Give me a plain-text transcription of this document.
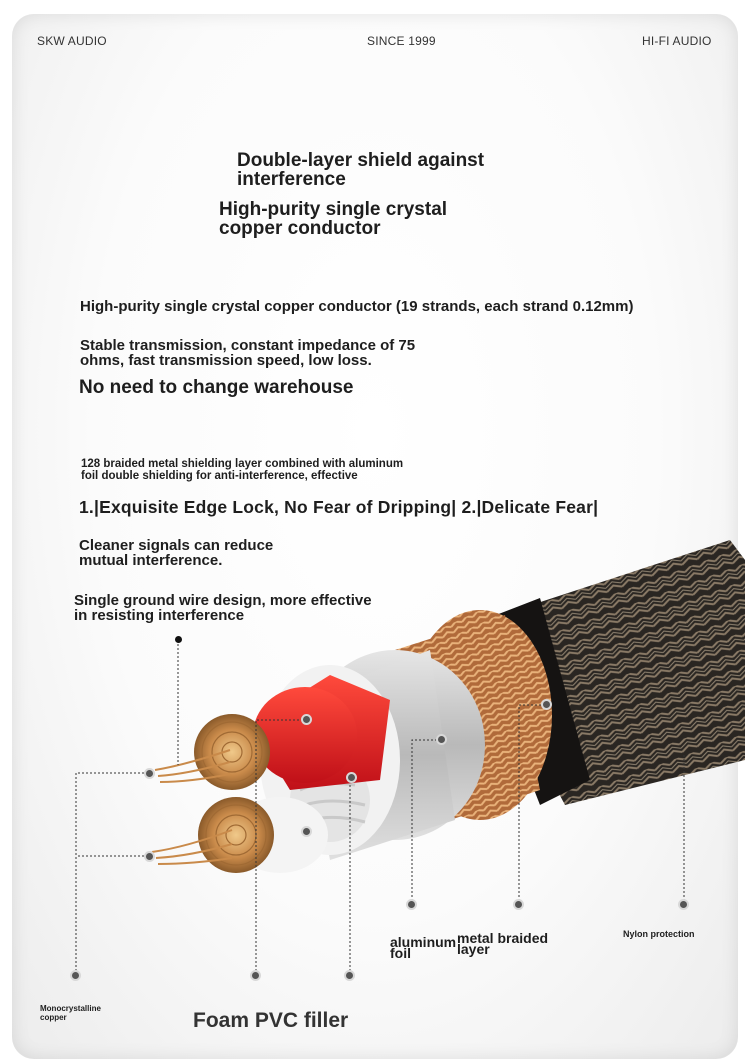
SKW AUDIO	SINCE 1999	HI-FI AUDIO
Double-layer shield against
interference
High-purity single crystal
copper conductor
High-purity single crystal copper conductor (19 strands, each strand 0.12mm)
Stable transmission, constant impedance of 75
ohms, fast transmission speed, low loss.
No need to change warehouse
128 braided metal shielding layer combined with aluminum
foil double shielding for anti-interference, effective
1.|Exquisite Edge Lock, No Fear of Dripping| 2.|Delicate Fear|
Cleaner signals can reduce
mutual interference.
Single ground wire design, more effective
in resisting interference
Monocrystalline
copper	Foam PVC filler
aluminum
foil
metal braided
layer
Nylon protection
